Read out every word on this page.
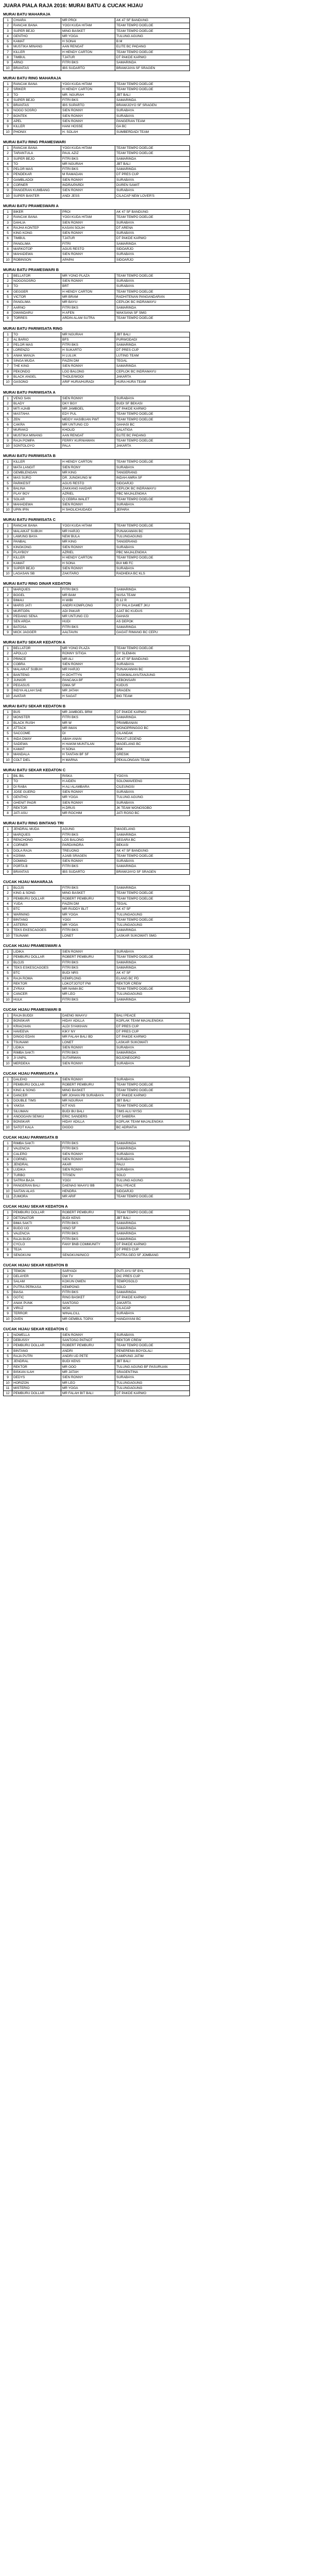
JUARA PIALA RAJA 2016: MURAI BATU & CUCAK HIJAU
MURAI BATU MAHARAJA
1	CHIARA	MR PROI	AK 47 SF BANDUNG
2	RANCAK BANA	YOGI KUDA HITAM	TEAM TEMPO DOELOE
3	SUPER BEJO	MING BASKET	TEAM TEMPO DOELOE
4	GENTHO	MR YOGA	TULUNG AGUNG
5	KAMAT	H SONAI	B.M
6	MUSTIKA MINANG	AAN RENGAT	ELITE BC PADANG
7	KILLER	H HENDY CARTON	TEAM TEMPO DOELOE
8	TIMBUL	TJATUR	DT PAKDE KARWO
9	ARNO	FITRI BKS	SAMARINDA
10	BRANTAS	IBS SUDARTO	BRAWIJAYA SF SRAGEN
MURAI BATU RING MAHARAJA
1	RANCAK BANA	YOGI KUDA HITAM	TEAM TEMPO DOELOE
2	SRIKER	H HENDY CARTON	TEAM TEMPO DOELOE
3	TO	MR. NGURAH	JBT BALI
4	SUPER BEJO	FITRI BKS	SAMARINDA
5	BRANTAS	IBS SUPARTO	BRAWIJOYO SF SRAGEN
6	NOGO SOSRO	SIEN RONNY	SURABAYA
7	BONTEK	SIEN RONNY	SURABAYA
8	APEL	SIEN RONNY	PANGERAN TEAM
9	KILLER	HANI HOSSE	GA BC
10	PHONIX	H. SOLAH	SUMBERDADI TEAM
MURAI BATU RING PRAMESWARI
1	RANCAK BANA	YOGI KUDA HITAM	TEAM TEMPO DOELOE
2	TARANTULA	PAUL AZIZ	TEAM TEMPO DOELOE
3	SUPER BEJO	FITRI BKS	SAMARINDA
4	TO	MR NGURAH	JBT BALI
5	PELOR MAS	FITRI BKS	SAMARINDA
6	PENDEKAR	M RAMADAN	DT PRES CUP
7	GAMBLADOI	SIEN RONNY	SURABAYA
8	CORNER	INDRA/PARDI	DUREN SAWIT
9	PANGERAN KUMBANG	SIEN RONNY	SURABAYA
10	SUPER BANTER	ANDI JESS	CILACAP NEW LOVER'S
MURAI BATU PRAMESWARI A
1	BIKER	PROI	AK 47 SF BANDUNG
2	RANCAK BANA	YOGI KUDA HITAM	TEAM TEMPO DOELOE
3	DAHLIA	SIEN RONNY	SURABAYA
4	RAJHA KONTEP	KASAN SOLIH	DT ARENA
5	KING KONG	SIEN RONNY	SURABAYA
6	TIMBUL	TJATUR	DT PAKDE KARWO
7	PANGLIMA	FITRI	SAMARINDA
8	MARKOTOP	AGUS RESTO	SIDOARJO
9	MAHADEWA	SIEN RONNY	SURABAYA
10	ROBINSON	APAPAI	SIDOARJO
MURAI BATU PRAMESWARI B
1	BELLATOR	MR YONO PLAZA	TEAM TEMPO DOELOE
2	NOGOSOSRO	SIEN RONNY	SURABAYA
3	TO	BRT	SURABAYA
4	GEGGER	H HENDY CARTON	TEAM TEMPO DOELOE
5	VICTOR	MR BRAM	RADHITENAN PANGANDARAN
6	PANGLIMA	MR BAYU	CEPLOK BC INDRAMAYU
7	AARNO	FITRI BKS	SAMARINDA
8	DWANDARU	H AFEN	WAKSANA SF SMG
9	TORRES	ARDIN ALAM SUTRA	TEAM TEMPO DOELOE
MURAI BATU PARIWISATA RING
1	TO	MR NGURAH	JBT BALI
2	AL BARIO	BFS	PURWODADI
3	PELOR MAS	FITRI BKS	SAMARINDA
4	LORENZO	H SUKARTO	DT PRES CUP
5	ANAK MANJA	H LULUK	LUTING TEAM
6	SINGA MUDA	FAIZIN DM	TEGAL
7	THE KING	SIEN RONNY	SAMARINDA
8	PEKONDO	LOO BALONG	CEPLOK BC INDRAMAYU
9	BLACK ANGEL	THOLE/WOOI	JAKARTA
10	GASONO	ARIF HURA/HURADI	HURA HURA TEAM
MURAI BATU PARIWISATA A
1	VENO SAN	SIEN RONNY	SURABAYA
2	BLADY	DKY BGY	BUDI SF BEKASI
3	MITI AJAIB	MR JAMBOEL	DT PAKDE KARWO
4	MASTAHA	EDY PUL	TEAM TEMPO DOELOE
5	ZEN	MEIDY HASIBUAN PWT	TEAM TEMPO DOELOE
6	CAKRA	MR UNTUNG CD	GAHASI BC
7	MURAKO	KHOLID	SALATIGA
8	MUSTIKA MINANG	AAN RENGAT	ELITE BC PADANG
9	RAJA POMPA	FERRY KURNIAWAN	TEAM TEMPO DOELOE
10	SONTOLOYO	PALA	JAKARTA
MURAI BATU PARIWISATA B
1	KILLER	H HENDY CARTON	TEAM TEMPO DOELOE
2	MATA LANGIT	SIEN RONY	SURABAYA
3	GEMBLENGAN	MR KING	TANGERANG
4	MAS SURO	DR. JUNGKUNG M	INDAH AMRA SF
5	PARIKESIT	AGUS RESTO	SIDOARJO
6	BALINA	ZAKKANG HAIDAR	CEPLOK BC INDRAMAYU
7	PLAY BOY	AZRIEL	PBC MAJALENGKA
8	SOLAR	Q CEBRA WALET	TEAM TEMPO DOELOE
9	MAHADEWA	SIEN RONNY	SURABAYA
10	UPIN IPIN	H SHOLICHUDAIDI	JEPARA
MURAI BATU PARIWISATA C
1	RANCAK BANA	YOGI KUDA HITAM	TEAM TEMPO DOELOE
2	MALAIKAT SUBUH	MR HARJO	PUNAKAWAN BC
3	LAWUNG BAYA	NEW BULA	TULUNGAGUNG
4	PANBAL	MR KING	TANGERANG
5	KINGKONG	SIEN RONNY	SURABAYA
6	PLAYBOY	AZRIEL	PBC MAJALENGKA
7	KILLER	H HENDY CARTON	TEAM TEMPO DOELOE
8	KAMAT	H SONA	BUI MB FC
9	SUPER BEJO	SIEN RONNY	SURABAYA
10	LAGASAN SB	ZAKITARO	RADHEKA BC KLS
MURAI BATU RING DINAR KEDATON
1	MARQUES	FITRI BKS	SAMARINDA
2	BOGEL	MR BAM	NUSA TEAM
3	BIMAU	H WIBI	R.12 R
4	MARIS JATI	ANDRI KOMPLONG	DY PALA DAMET JKU
5	MURTOPA	ADI PAKAR	AJAT BC KUDUS
6	PEDANG SENA	MR UNTUNG CD	GAHASI
7	SEN ARDA	HUDI	AS DEPOK
8	BATOSA	FITRI BKS	SAMARINDA
9	MICK JAGGER	AALTAVIN	GAGAT RIMANG BC CEPU
MURAI BATU SEKAR KEDATON A
1	BELLATOR	MR YONO PLAZA	TEAM TEMPO DOELOE
2	APOLLO	RONNY SITIGA	DY SLEMAN
3	PRINCE	MR ALI	AK 47 SF BANDUNG
4	COBRA	SIEN RONNY	SURABAYA
5	MALAIKAT SUBUH	MR HARJO	PUNAKAWAN BC
6	BANTENG	H OCHTTYN	TASIKMALAYA/TANJUNG
7	JUNIOR	PANCAKA BF	KEBONSARI
8	PEGASUS	DIMA SF	KUDUS
9	INDYA ALLAH SAE	MR JATAH	SRAGEN
10	AVATAR	H SAGAT	BIG TEAM
MURAI BATU SEKAR KEDATON B
1	BUS	MR JAMBOEL BRM	DT PAKDE KARWO
2	MONSTER	FITRI BKS	SAMARINDA
3	BLACK RUSH	MR W	PRAMBANAN
4	ATTACK	MR IMAN	WONOPRINGGO BC
5	SACCOME	DI	CILANDAK
6	INDA DWAY	ABAH ANAN	PAKAT LEGEND
7	SADEWA	H HAKIM MUNTILAN	MAGELANG BC
8	KAMAT	H SONA	BSK
9	MANDALA	H TANTAN BF SF	GRESIK
10	COLT DIEL	H MARNA	PEKALONGAN TEAM
MURAI BATU SEKAR KEDATON C
1	BIL BIL	RISKA	YOGYA
2	TO	H AIDEN	SOLOWAVEENG
3	DI RABA	H ALI ALAMBARA	CILEUNGSI
4	JOSE GUERO	SIEN RONNY	SURABAYA
5	GENTHO	MR YOGA	TULUNG AGUNG
6	GHENIT PAGR	SIEN RONNY	SURABAYA
7	REKTOR	H.DRUS	JK TEAM WONOSOBO
8	JATI ASU	MR ROCHIM	JATI ROSO BC
MURAI BATU RING BINTANG TRI
1	JENDRAL MUDA	AGUNG	MAGELANG
2	MARQUES	FITRI BKS	SAMARINDA
3	RENCHONG	LOS BALONG	SEGARA BC
4	CORNER	PARDI/INDRA	BEKASI
5	DOLA RAJA	TREUONO	AK 47 SF BANDUNG
6	KOSMA	AJAIB SRAGEN	TEAM TEMPO DOELOE
7	DOMINO	SIEN RONNY	SURABAYA
8	PORTA B	FITRI BKS	SAMARINDA
9	BRANTAS	IBS SUDARTO	BRAWIJAYO SF SRAGEN
CUCAK HIJAU MAHARAJA
1	BLOJS	FITRI BKS	SAMARINDA
2	KING & SONG	MING BASKET	TEAM TEMPO DOELOE
3	PEMBURU DOLLAR	ROBERT PEMBURU	TEAM TEMPO DOELOE
4	YUDA	FAIZIN DM	TEGAL
5	BTC	MR RUDDY BLIT	AK 47 SF
6	WARNING	MR YOGA	TULUNGAGUNG
7	BINTANG	YOGI	TEAM TEMPO DOELOE
8	ASTERIX	MR YOGA	TULUNGAGUNG
9	TEKS EKESCAGOES	FITRI BKS	SAMARINDA
10	TSUNAMI	LONET	LASKAR SUKOWATI SMG
CUCAK HIJAU PRAMESWARI A
1	LIDIKA	SIEN RONNY	SURABAYA
2	PEMBURU DOLLAR	ROBERT PEMBURU	TEAM TEMPO DOELOE
3	BLOJS	FITRI BKS	SAMARINDA
4	TEKS ESKESCAGOES	FITRI BKS	SAMARINDA
5	BTC	BUDI NRS	AK 47 SF
6	RAJA ROMA	KEMPLONG	ELANG BC PD
7	REKTOR	LOKOTJOTOT PW	REKTOR CREW
8	ZYRAX	MR NAMA BC	TEAM TEMPO DOELOE
9	CANCER	MR LEO	TULUNGAGUNG
10	HULK	FITRI BKS	SAMARINDA
CUCAK HIJAU PRAMESWARI B
1	RAJA BUDDI	DAENG WAAYU	BALI PEACE
2	BONSKAR	HIDAY ADILLA	KOPLAK TEAM MAJALENGKA
3	KRIACHAN	ALDI SYAIKHAN	DT PRES CUP
4	HAVEEVA	KIKY NY	DT PRES CUP
5	DINGO EDAN	MR FALAH BALI BD	DT PAKDE KARWO
6	TSUNAMI	LONET	LASKAR SUKOWATI
7	LIDIKA	SIEN RONNY	SURABAYA
8	RIMBA SAKTI	FITRI BKS	SAMARINDA
9	JI UNPIL	SUTARMAN	BOJONEGORO
10	MERDEKA	SIEN RONNY	SURABAYA
CUCAK HIJAU PARIWISATA A
1	DALEHO	SIEN RONNY	SURABAYA
2	PEMBURU DOLLAR	ROBERT PEMBURU	TEAM TEMPO DOELOE
3	KING & SONG	MING BASKET	TEAM TEMPO DOELOE
4	DANCER	MR JOHAN PB SURABAYA	DT PAKDE KARWO
5	DOUBLE TIMS	MR NGURAH	JBT BALI
6	YAKSA	KIT KNS	TEAM TEMPO DOELOE
7	SILUMAN	BUDI BU BALI	TIMS ALU NYSG
8	ANOOGAIN SENKU	ERIC SANDERS	DT SABERA
9	BONSKAR	HIDAY ADILLA	KOPLAK TEAM MAJALENGKA
10	SATOT KALA	DIGDO	BC ADRIATIA
CUCAK HIJAU PARIWISATA B
1	RIMBA SAKTI	FITRI BKS	SAMARINDA
2	VALENCIA	FITRI BKS	SAMARINDA
3	CALERO	SIEN RONNY	SURABAYA
4	CORNEL	SIEN RONNY	SURABAYA
5	JENDRAL	AKAR	PALU
6	LUDIKA	SIEN RONNY	SURABAYA
7	TURBO	TITISEN	SOLO
8	SATRIA BAJA	YOGI	TULUNG AGUNG
9	PANGERAN BALI	DAENAG WAAYU BB	BALI PEACE
10	SAITAN ALAS	HENDRA	SIDOARJO
11	ZUMORA	MR ARIF	TEAM TEMPO DOELOE
CUCAK HIJAU SEKAR KEDATON A
1	PEMBURU DOLLAR	ROBERT PEMBURU	TEAM TEMPO DOELOE
2	DETONATOR	BUDI KENS	JBT BALI
3	BIMA SAKTI	FITRI BKS	SAMARINDA
4	BUDO UO	HINO SF	SAMARINDA
5	VALENCIA	FITRI BKS	SAMARINDA
6	RAJA BUDI	FITRI BKS	SAMARINDA
7	CYCLO	FANY BNB COMMUNITY	DT PAKDE KARWO
8	TEJA		DT PRES CUP
9	SENGKUNI	SENGKUNI/NICO	PUTRA GEO SF JOMBANG
CUCAK HIJAU SEKAR KEDATON B
1	TEMON	SARYADI	PUTI AYU SF BYL
2	DELAYER	DW TV	DIC PRES CUP
3	SALAM	KOKUN OWEN	TEMPOSOLO
4	PUTRA PERKASA	KEMPONG	SOLO
5	BIASA	FITRI BKS	SAMARINDA
6	GOTIC	RING BASKET	DT PAKDE KARWO
7	ANAK PUNK	SANTOSO	JAKARTA
8	VIRUZ	WOK	CILACAP
9	TERROR	WINALCILL	SURABAYA
10	OVEN	MR GEMBUL TOPIX	HANDAYANI BC
CUCAK HIJAU SEKAR KEDATON C
1	NOWELLA	SIEN RONNY	SURABAYA
2	DEBUSSY	SANTOSO PATNOT	REKTOR CREW
3	PEMBURU DOLLAR	ROBERT PEMBURU	TEAM TEMPO DOELOE
4	BINTANG	ANDRI	PENEREMA BOYOLALI
5	RAJA PUTRI	ANDRI UD PETE	KAMPUNG JATIM
6	JENDRAL	BUDI KENS	JBT BALI
7	REKTOR	MR OOO	TULUNG AGUNG BF PASURUAN
8	BISKAN ILAH	MR JATAH	SRAGENTINA
9	DEDYS	SIEN RONNY	SURABAYA
10	HORIZON	MR LEO	TULUNGAGUNG
11	MISTERIO	MR YOGA	TULUNGAGUNG
12	PEMBURU DOLLAR	MR FALAH BIT BALI	DT PAKDE KARWO
